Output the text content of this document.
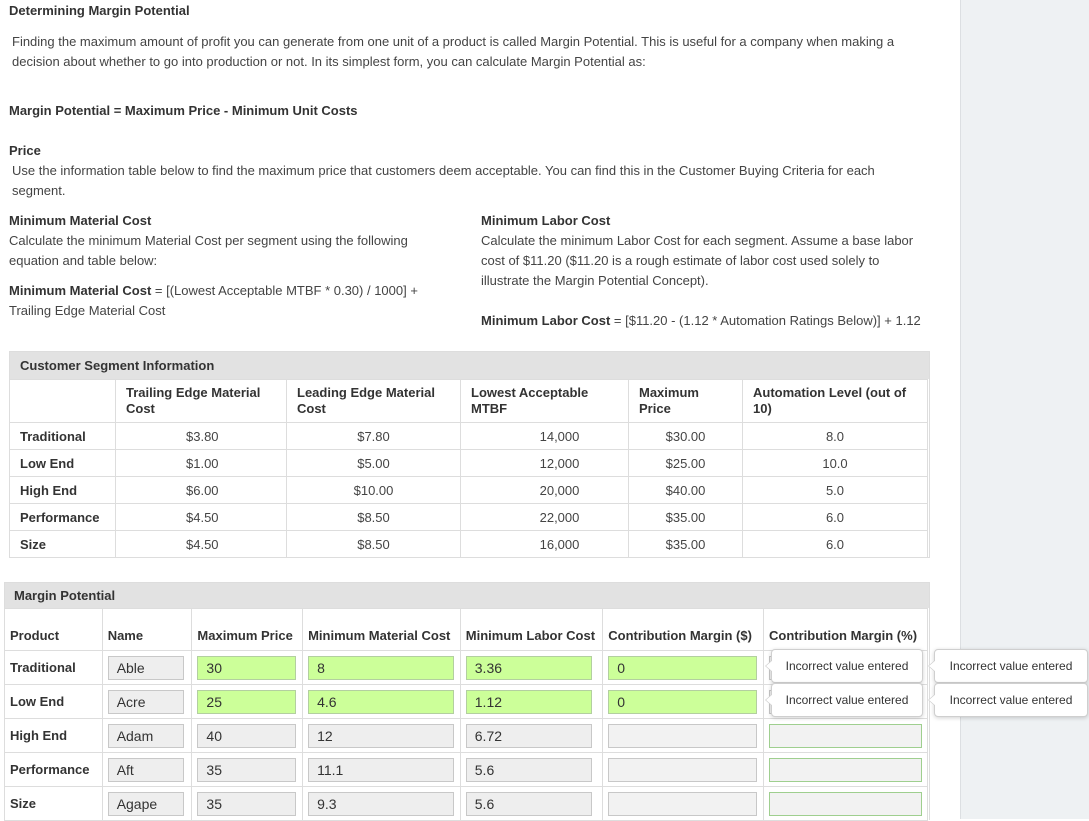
Determining Margin Potential
Finding the maximum amount of profit you can generate from one unit of a product is called Margin Potential. This is useful for a company when making a decision about whether to go into production or not. In its simplest form, you can calculate Margin Potential as:
Margin Potential = Maximum Price - Minimum Unit Costs
Price
Use the information table below to find the maximum price that customers deem acceptable. You can find this in the Customer Buying Criteria for each segment.
Minimum Material Cost
Calculate the minimum Material Cost per segment using the following equation and table below:
Minimum Material Cost = [(Lowest Acceptable MTBF * 0.30) / 1000] + Trailing Edge Material Cost
Minimum Labor Cost
Calculate the minimum Labor Cost for each segment. Assume a base labor cost of $11.20 ($11.20 is a rough estimate of labor cost used solely to illustrate the Margin Potential Concept).
Minimum Labor Cost = [$11.20 - (1.12 * Automation Ratings Below)] + 1.12
Customer Segment Information
	Trailing Edge Material Cost	Leading Edge Material Cost	Lowest Acceptable MTBF	Maximum Price	Automation Level (out of 10)
Traditional	$3.80	$7.80	14,000	$30.00	8.0
Low End	$1.00	$5.00	12,000	$25.00	10.0
High End	$6.00	$10.00	20,000	$40.00	5.0
Performance	$4.50	$8.50	22,000	$35.00	6.0
Size	$4.50	$8.50	16,000	$35.00	6.0
Margin Potential
Product	Name	Maximum Price	Minimum Material Cost	Minimum Labor Cost	Contribution Margin ($)	Contribution Margin (%)
Traditional	Able	30	8	3.36	0	

Low End	Acre	25	4.6	1.12	0	

High End	Adam	40	12	6.72		

Performance	Aft	35	11.1	5.6		

Size	Agape	35	9.3	5.6		

Incorrect value entered	Incorrect value entered
Incorrect value entered	Incorrect value entered
